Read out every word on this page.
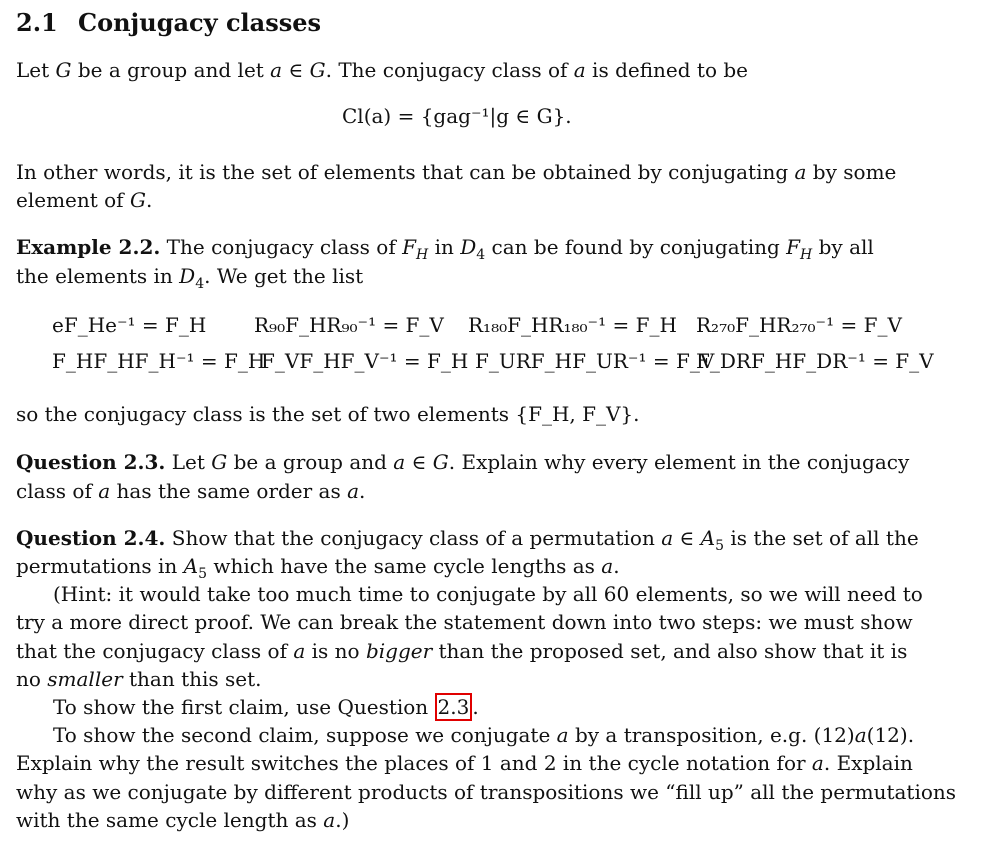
2.1 Conjugacy classes
Let G be a group and let a ∈ G. The conjugacy class of a is defined to be
Cl(a) = {gag⁻¹|g ∈ G}.
In other words, it is the set of elements that can be obtained by conjugating a by some
element of G.
Example 2.2. The conjugacy class of $F_H$ in $D_4$ can be found by conjugating $F_H$ by all
the elements in $D_4$. We get the list
eF_He⁻¹ = F_H R₉₀F_HR₉₀⁻¹ = F_V R₁₈₀F_HR₁₈₀⁻¹ = F_H R₂₇₀F_HR₂₇₀⁻¹ = F_V
F_HF_HF_H⁻¹ = F_H
F_VF_HF_V⁻¹ = F_H F_URF_HF_UR⁻¹ = F_V
F_DRF_HF_DR⁻¹ = F_V
so the conjugacy class is the set of two elements {F_H, F_V}.
Question 2.3. Let G be a group and a ∈ G. Explain why every element in the conjugacy
class of a has the same order as a.
Question 2.4. Show that the conjugacy class of a permutation a ∈ $A_5$ is the set of all the
permutations in $A_5$ which have the same cycle lengths as a.
(Hint: it would take too much time to conjugate by all 60 elements, so we will need to
try a more direct proof. We can break the statement down into two steps: we must show
that the conjugacy class of a is no bigger than the proposed set, and also show that it is
no smaller than this set.
To show the first claim, use Question 2.3 .
To show the second claim, suppose we conjugate a by a transposition, e.g. (12)a(12).
Explain why the result switches the places of 1 and 2 in the cycle notation for a. Explain
why as we conjugate by different products of transpositions we “fill up” all the permutations
with the same cycle length as a.)
